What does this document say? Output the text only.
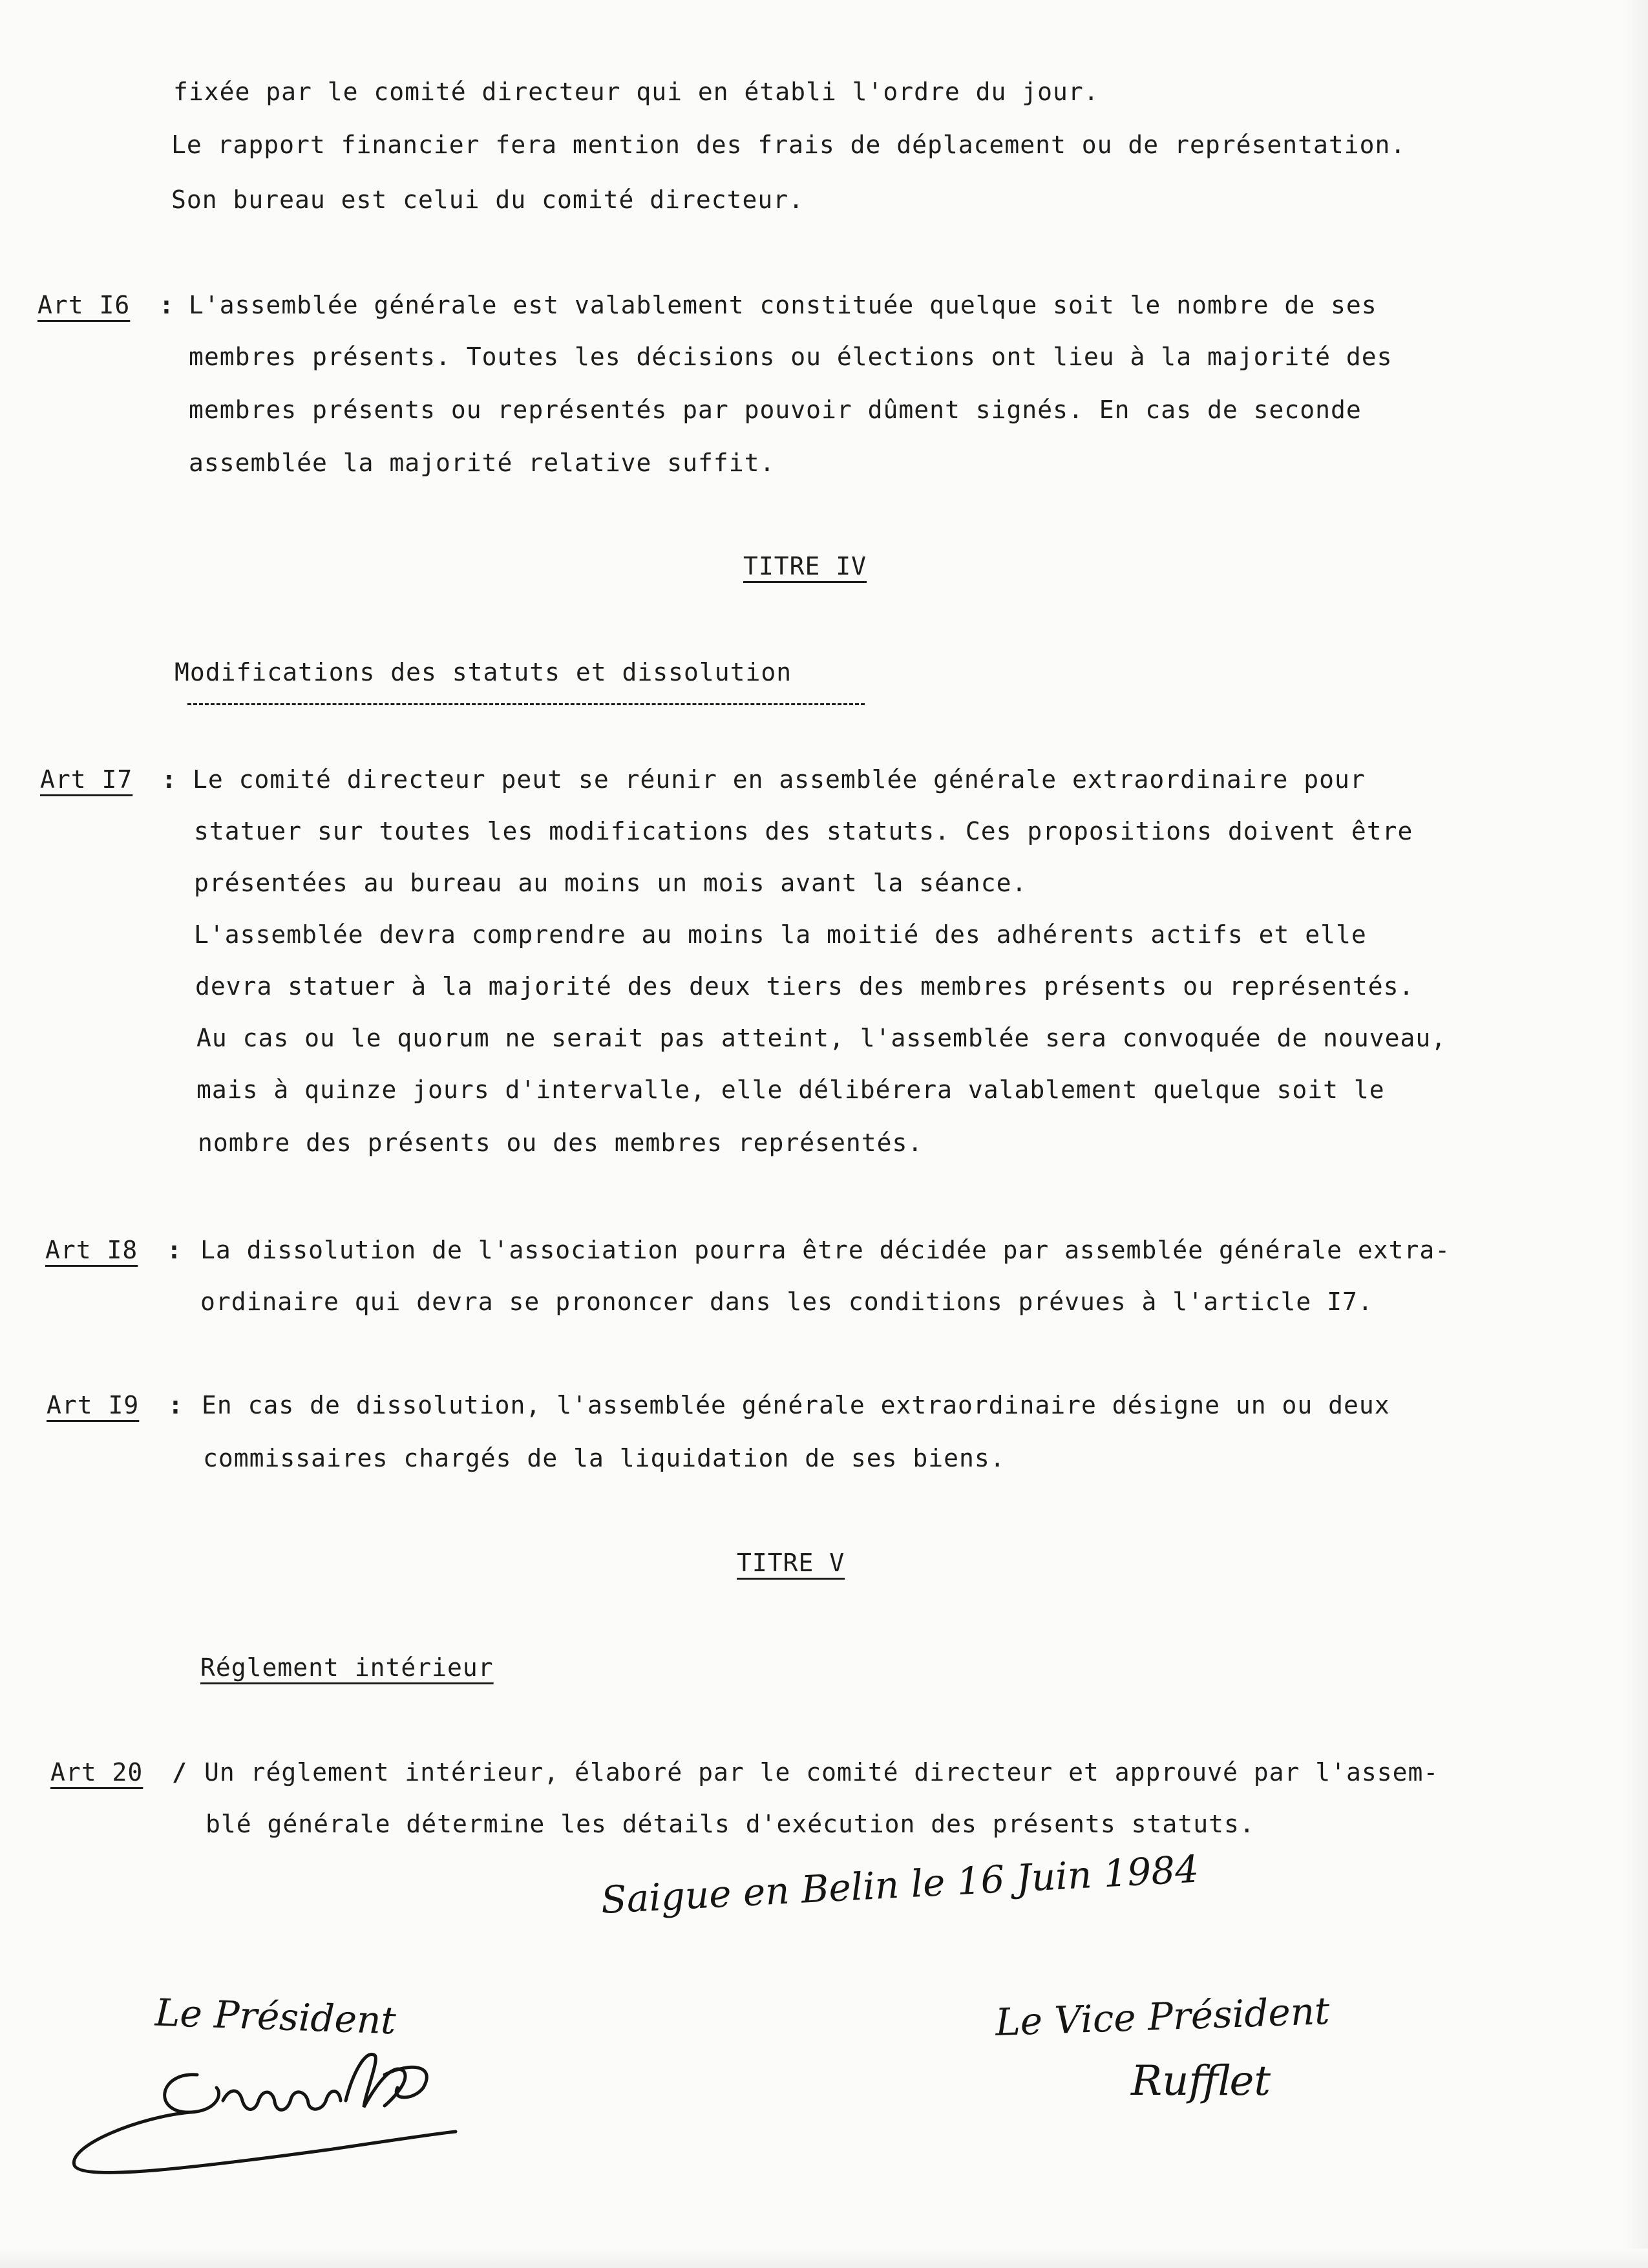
fixée par le comité directeur qui en établi l'ordre du jour.
Le rapport financier fera mention des frais de déplacement ou de représentation.
Son bureau est celui du comité directeur.
Art I6 : L'assemblée générale est valablement constituée quelque soit le nombre de ses
membres présents. Toutes les décisions ou élections ont lieu à la majorité des
membres présents ou représentés par pouvoir dûment signés. En cas de seconde
assemblée la majorité relative suffit.
TITRE IV
Modifications des statuts et dissolution
Art I7 : Le comité directeur peut se réunir en assemblée générale extraordinaire pour
statuer sur toutes les modifications des statuts. Ces propositions doivent être
présentées au bureau au moins un mois avant la séance.
L'assemblée devra comprendre au moins la moitié des adhérents actifs et elle
devra statuer à la majorité des deux tiers des membres présents ou représentés.
Au cas ou le quorum ne serait pas atteint, l'assemblée sera convoquée de nouveau,
mais à quinze jours d'intervalle, elle délibérera valablement quelque soit le
nombre des présents ou des membres représentés.
Art I8 : La dissolution de l'association pourra être décidée par assemblée générale extra-
ordinaire qui devra se prononcer dans les conditions prévues à l'article I7.
Art I9 : En cas de dissolution, l'assemblée générale extraordinaire désigne un ou deux
commissaires chargés de la liquidation de ses biens.
TITRE V
Réglement intérieur
Art 20 / Un réglement intérieur, élaboré par le comité directeur et approuvé par l'assem-
blé générale détermine les détails d'exécution des présents statuts.
Saigue en Belin le 16 Juin 1984
Le Président	Le Vice Président
Rufflet
